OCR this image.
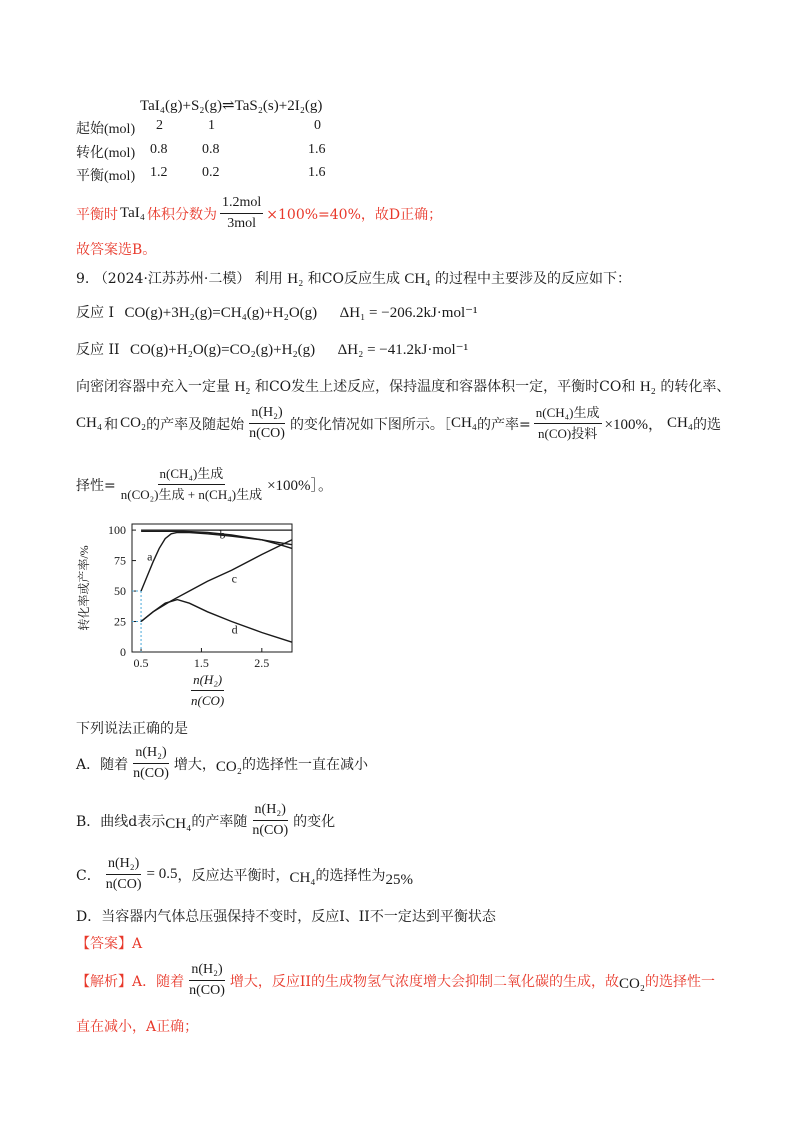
TaI₄(g)+S₂(g)⇌TaS₂(s)+2I₂(g)
起始(mol) 2	1	0
转化(mol) 0.8 0.8	1.6
平衡(mol) 1.2 0.2	1.6
平衡时 TaI₄ 体积分数为 $\frac{\text{1.2mol}}{\text{3mol}} \times 100\%=40\%$，故D正确；
故答案选B。
9. （2024·江苏苏州·二模） 利用 H₂ 和CO反应生成 CH₄ 的过程中主要涉及的反应如下：
反应 I CO(g)+3H₂(g)=CH₄(g)+H₂O(g) ΔH₁ = −206.2kJ·mol⁻¹
反应 II CO(g)+H₂O(g)=CO₂(g)+H₂(g) ΔH₂ = −41.2kJ·mol⁻¹
向密闭容器中充入一定量 H₂ 和CO发生上述反应，保持温度和容器体积一定，平衡时CO和 H₂ 的转化率、
CH₄ 和 CO₂ 的产率及随起始 $\frac{\text{n(H₂)}}{n(CO)}$ 的变化情况如下图所示。［ CH₄ 的产率= $\frac{\text{n(CH₄)生成}}{\text{n(CO)投料}} \times 100\%$， CH₄ 的选
择性= $\frac{\text{n(CH₄)生成}}{\text{n(CO₂)生成 + n(CH₄)生成}}$ ×100%］。
0
25
50
75
100
0.5	1.5	2.5
a
b
c
d
转化率或产率/%
$\frac{\text{n(H₂)}}{n(CO)}$
下列说法正确的是
A．随着 $\frac{\text{n(H₂)}}{n(CO)}$ 增大， CO₂ 的选择性一直在减小
B．曲线d表示 CH₄ 的产率随 $\frac{\text{n(H₂)}}{n(CO)}$ 的变化
C． $\frac{\text{n(H₂)}}{n(CO)} = 0.5$ ，反应达平衡时， CH₄ 的选择性为 25%
D．当容器内气体总压强保持不变时，反应I、II不一定达到平衡状态
【答案】A
【解析】 A．随着 $\frac{\text{n(H₂)}}{n(CO)}$ 增大，反应II的生成物氢气浓度增大会抑制二氧化碳的生成，故 CO₂ 的选择性一
直在减小，A正确；
